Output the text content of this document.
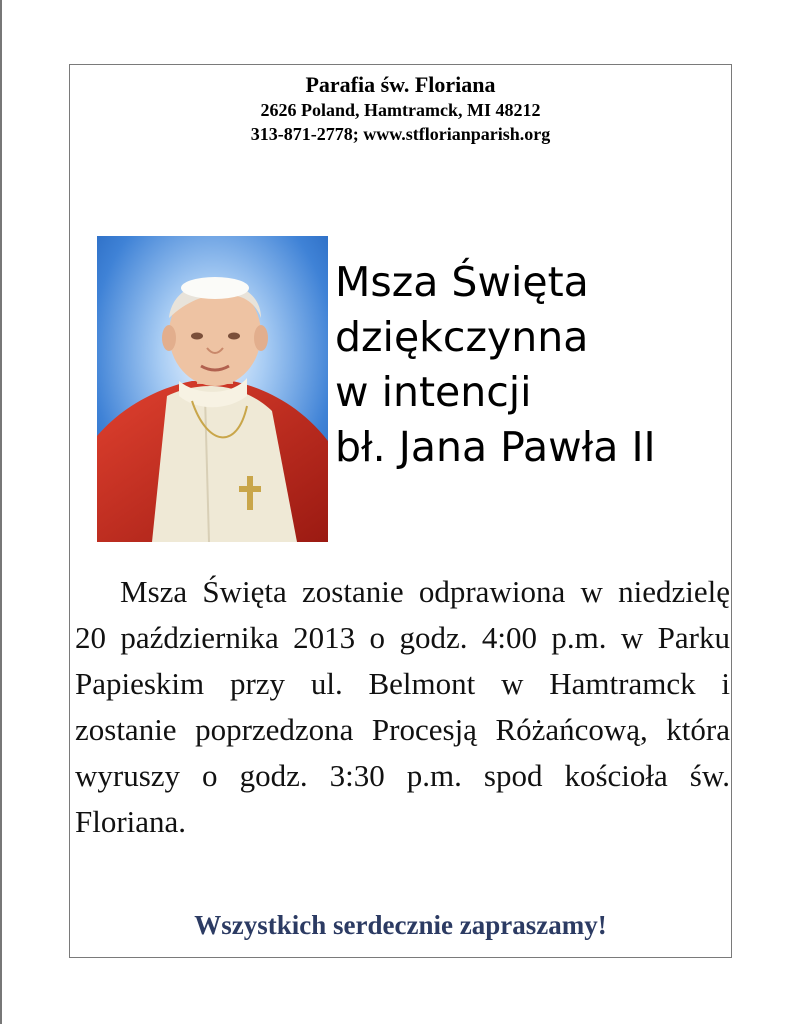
Parafia św. Floriana
2626 Poland, Hamtramck, MI 48212
313-871-2778; www.stflorianparish.org
Msza Święta
dziękczynna
w intencji
bł. Jana Pawła II

Msza Święta zostanie odprawiona w niedzielę 20 października 2013 o godz. 4:00 p.m. w Parku Papieskim przy ul. Belmont w Hamtramck i zostanie poprzedzona Procesją Różańcową, która wyruszy o godz. 3:30 p.m. spod kościoła św. Floriana.

Wszystkich serdecznie zapraszamy!
